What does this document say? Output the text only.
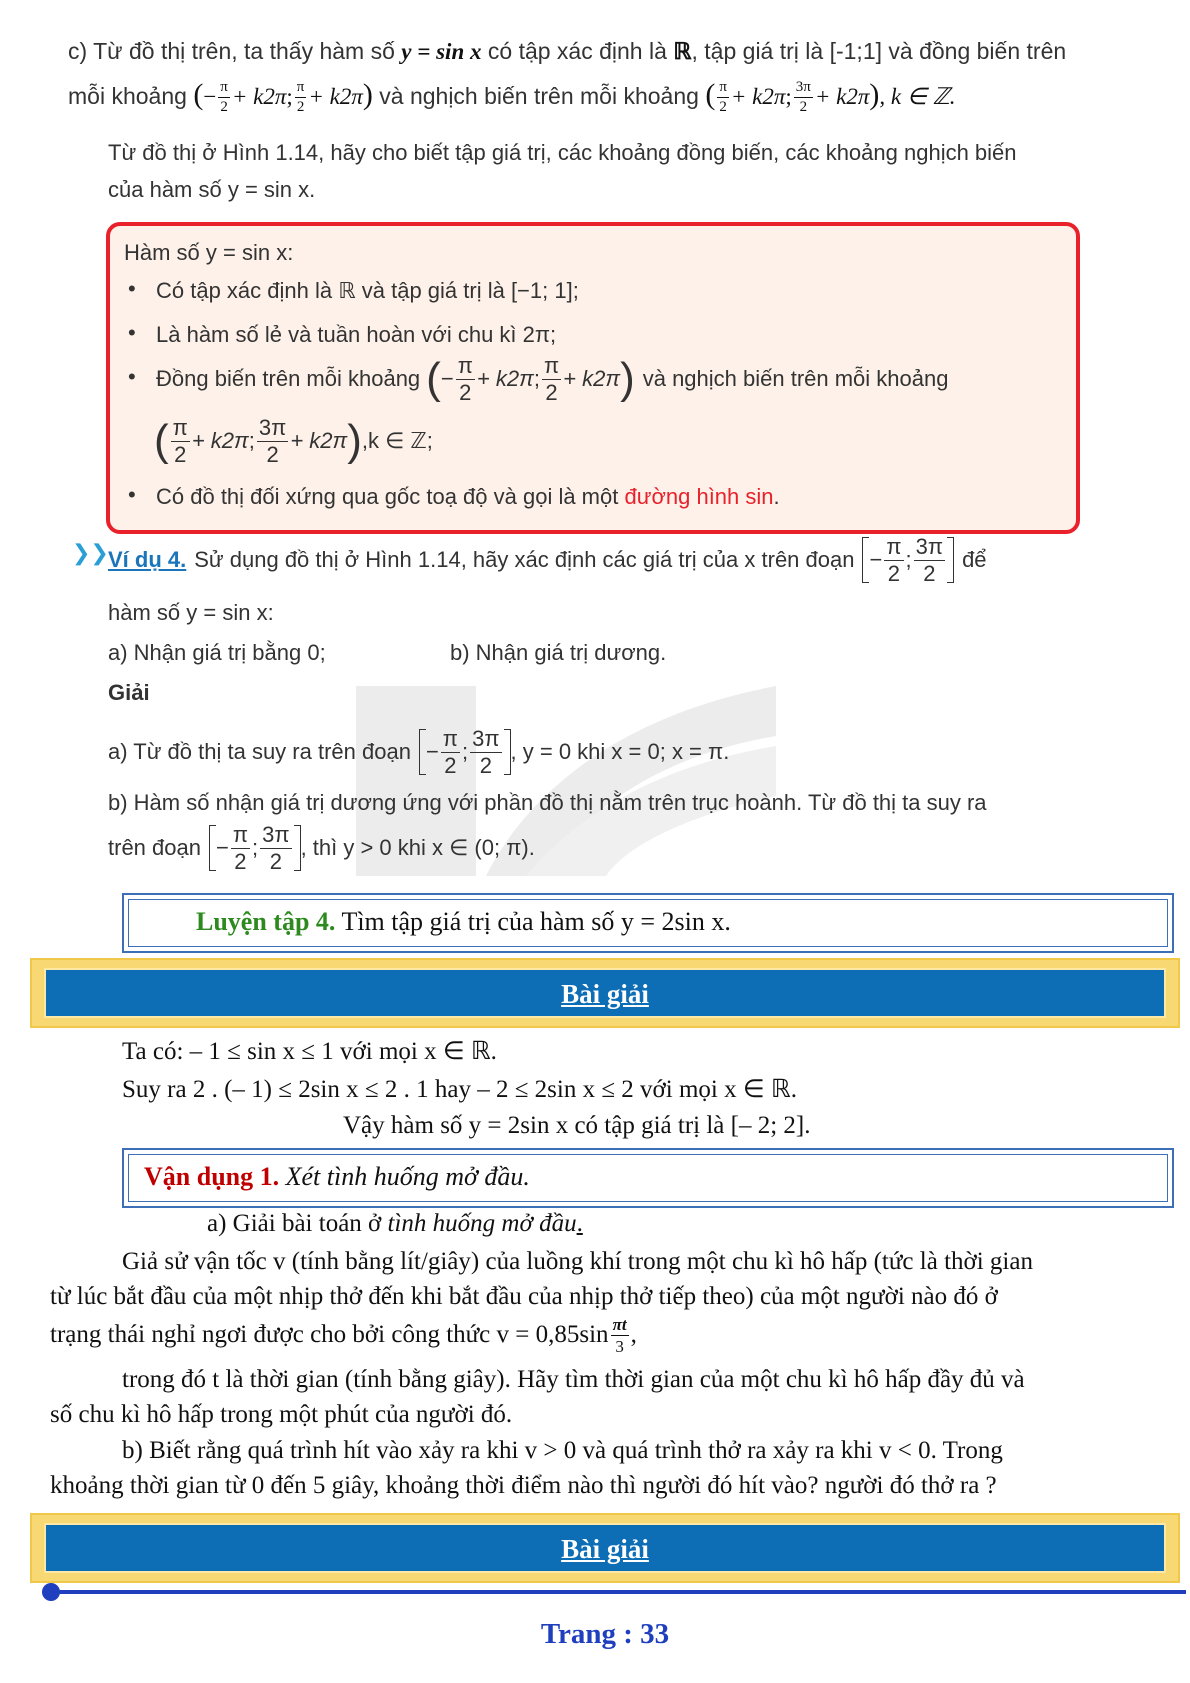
c) Từ đồ thị trên, ta thấy hàm số y = sin x có tập xác định là ℝ, tập giá trị là [-1;1] và đồng biến trên
mỗi khoảng (− $\frac{\pi}{2} + k2\pi$; $\frac{\pi}{2} + k2\pi$) và nghịch biến trên mỗi khoảng ( $\frac{\pi}{2} + k2\pi$; $\frac{3\pi}{2} + k2\pi$), k ∈ ℤ.
Từ đồ thị ở Hình 1.14, hãy cho biết tập giá trị, các khoảng đồng biến, các khoảng nghịch biến
của hàm số y = sin x.
Hàm số y = sin x:
• Có tập xác định là ℝ và tập giá trị là [−1; 1];
• Là hàm số lẻ và tuần hoàn với chu kì 2π;
• Đồng biến trên mỗi khoảng ( − $\frac{\pi}{2} + k2\pi$ ; $\frac{\pi}{2} + k2\pi$ ) và nghịch biến trên mỗi khoảng
( $\frac{\pi}{2} + k2\pi$ ; $\frac{3\pi}{2} + k2\pi$ ) ,k ∈ ℤ;
• Có đồ thị đối xứng qua gốc toạ độ và gọi là một đường hình sin.
❯❯ Ví dụ 4. Sử dụng đồ thị ở Hình 1.14, hãy xác định các giá trị của x trên đoạn − $\frac{\pi}{2}$ ; $\frac{3\pi}{2}$ để
hàm số y = sin x:
a) Nhận giá trị bằng 0;	b) Nhận giá trị dương.
Giải
a) Từ đồ thị ta suy ra trên đoạn − $\frac{\pi}{2}$ ; $\frac{3\pi}{2}$ , y = 0 khi x = 0; x = π.
b) Hàm số nhận giá trị dương ứng với phần đồ thị nằm trên trục hoành. Từ đồ thị ta suy ra
trên đoạn − $\frac{\pi}{2}$ ; $\frac{3\pi}{2}$ , thì y > 0 khi x ∈ (0; π).
Luyện tập 4. Tìm tập giá trị của hàm số y = 2sin x.
Bài giải
Ta có: – 1 ≤ sin x ≤ 1 với mọi x ∈ ℝ.
Suy ra 2 . (– 1) ≤ 2sin x ≤ 2 . 1 hay – 2 ≤ 2sin x ≤ 2 với mọi x ∈ ℝ.
Vậy hàm số y = 2sin x có tập giá trị là [– 2; 2].
Vận dụng 1. Xét tình huống mở đầu.
a) Giải bài toán ở tình huống mở đầu.
Giả sử vận tốc v (tính bằng lít/giây) của luồng khí trong một chu kì hô hấp (tức là thời gian
từ lúc bắt đầu của một nhịp thở đến khi bắt đầu của nhịp thở tiếp theo) của một người nào đó ở
trạng thái nghỉ ngơi được cho bởi công thức $v = 0,85\sin \frac{\pi t}{3}$ ,
trong đó t là thời gian (tính bằng giây). Hãy tìm thời gian của một chu kì hô hấp đầy đủ và
số chu kì hô hấp trong một phút của người đó.
b) Biết rằng quá trình hít vào xảy ra khi v > 0 và quá trình thở ra xảy ra khi v < 0. Trong
khoảng thời gian từ 0 đến 5 giây, khoảng thời điểm nào thì người đó hít vào? người đó thở ra ?
Bài giải
Trang : 33
